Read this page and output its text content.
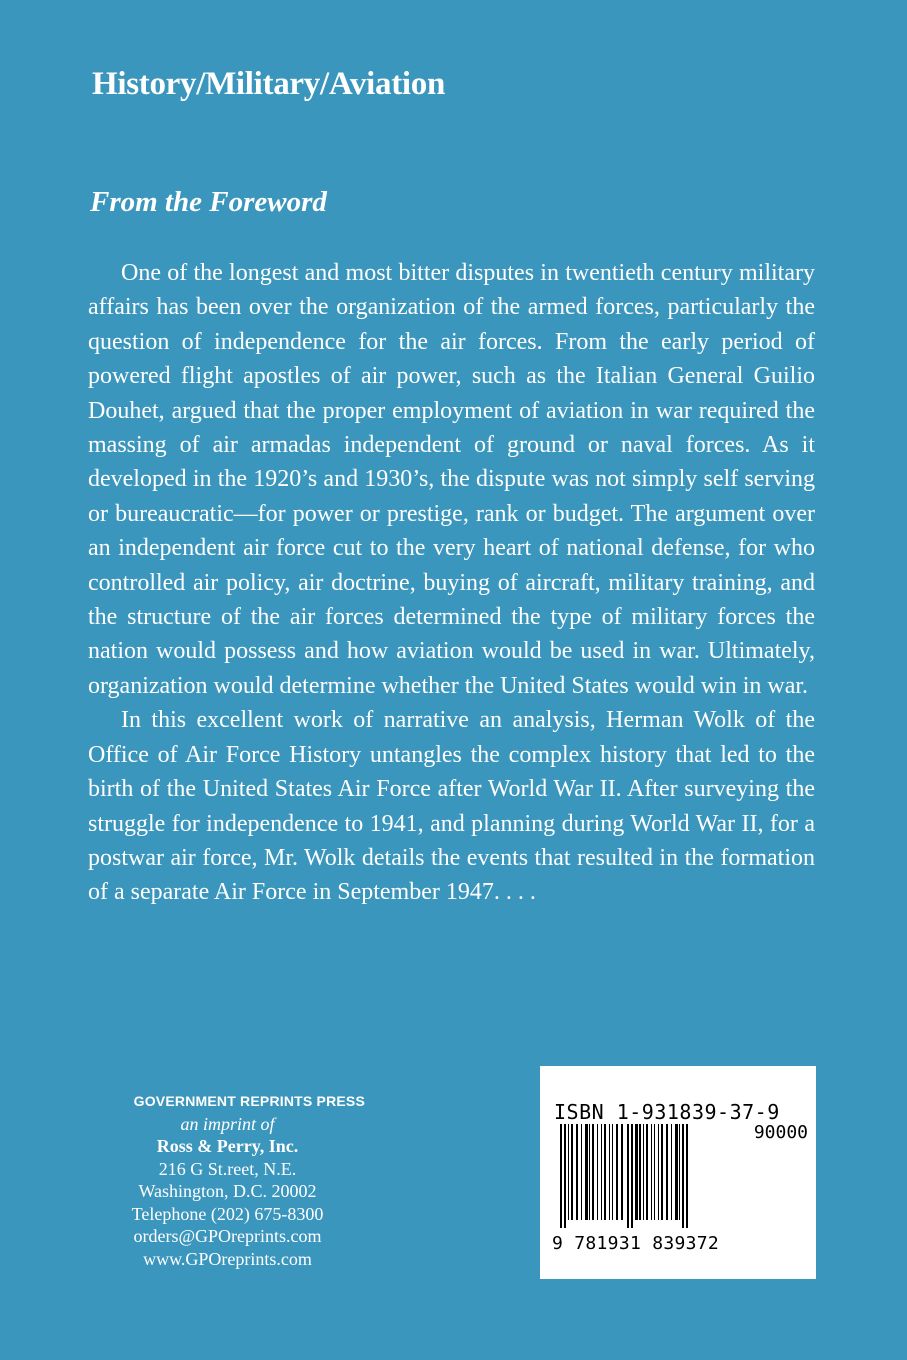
History/Military/Aviation
From the Foreword

One of the longest and most bitter disputes in twentieth century military affairs has been over the organization of the armed forces, particularly the question of independence for the air forces. From the early period of powered flight apostles of air power, such as the Italian General Guilio Douhet, argued that the proper employment of aviation in war required the massing of air armadas independent of ground or naval forces. As it developed in the 1920’s and 1930’s, the dispute was not simply self serving or bureaucratic—for power or prestige, rank or budget. The argument over an independent air force cut to the very heart of national defense, for who controlled air policy, air doctrine, buying of aircraft, military training, and the structure of the air forces determined the type of military forces the nation would possess and how aviation would be used in war. Ultimately, organization would determine whether the United States would win in war.

In this excellent work of narrative an analysis, Herman Wolk of the Office of Air Force History untangles the complex history that led to the birth of the United States Air Force after World War II. After surveying the struggle for independence to 1941, and planning during World War II, for a postwar air force, Mr. Wolk details the events that resulted in the formation of a separate Air Force in September 1947. . . .

GOVERNMENT REPRINTS PRESS
an imprint of
Ross & Perry, Inc.
216 G St.reet, N.E.
Washington, D.C. 20002
Telephone (202) 675-8300
orders@GPOreprints.com
www.GPOreprints.com
ISBN 1-931839-37-9
90000
9 781931 839372
